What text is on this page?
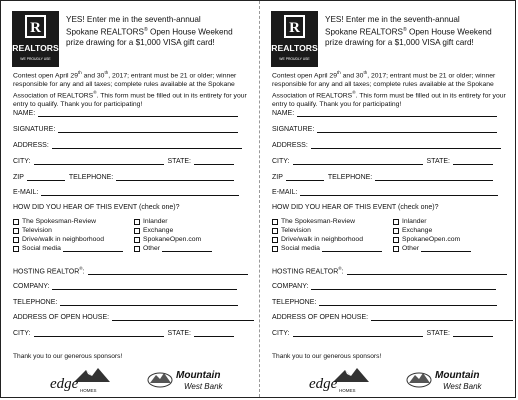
R
REALTORS
WE PROUDLY USE
YES! Enter me in the seventh-annual
Spokane REALTORS® Open House Weekend
prize drawing for a $1,000 VISA gift card!
Contest open April 29th and 30th, 2017; entrant must be 21 or older; winner responsible for any and all taxes; complete rules available at the Spokane Association of REALTORS®. This form must be filled out in its entirety for your entry to qualify. Thank you for participating!
NAME:
SIGNATURE:
ADDRESS:
CITY:	STATE:
ZIP	TELEPHONE:
E-MAIL:
HOW DID YOU HEAR OF THIS EVENT (check one)?
The Spokesman-Review
Television
Drive/walk in neighborhood
Social media
Inlander
Exchange
SpokaneOpen.com
Other
HOSTING REALTOR®:
COMPANY:
TELEPHONE:
ADDRESS OF OPEN HOUSE:
CITY:	STATE:
Thank you to our generous sponsors!
edge HOMES
Mountain
West Bank
R
REALTORS
WE PROUDLY USE
YES! Enter me in the seventh-annual
Spokane REALTORS® Open House Weekend
prize drawing for a $1,000 VISA gift card!
Contest open April 29th and 30th, 2017; entrant must be 21 or older; winner responsible for any and all taxes; complete rules available at the Spokane Association of REALTORS®. This form must be filled out in its entirety for your entry to qualify. Thank you for participating!
NAME:
SIGNATURE:
ADDRESS:
CITY:	STATE:
ZIP	TELEPHONE:
E-MAIL:
HOW DID YOU HEAR OF THIS EVENT (check one)?
The Spokesman-Review
Television
Drive/walk in neighborhood
Social media
Inlander
Exchange
SpokaneOpen.com
Other
HOSTING REALTOR®:
COMPANY:
TELEPHONE:
ADDRESS OF OPEN HOUSE:
CITY:	STATE:
Thank you to our generous sponsors!
edge HOMES
Mountain
West Bank
